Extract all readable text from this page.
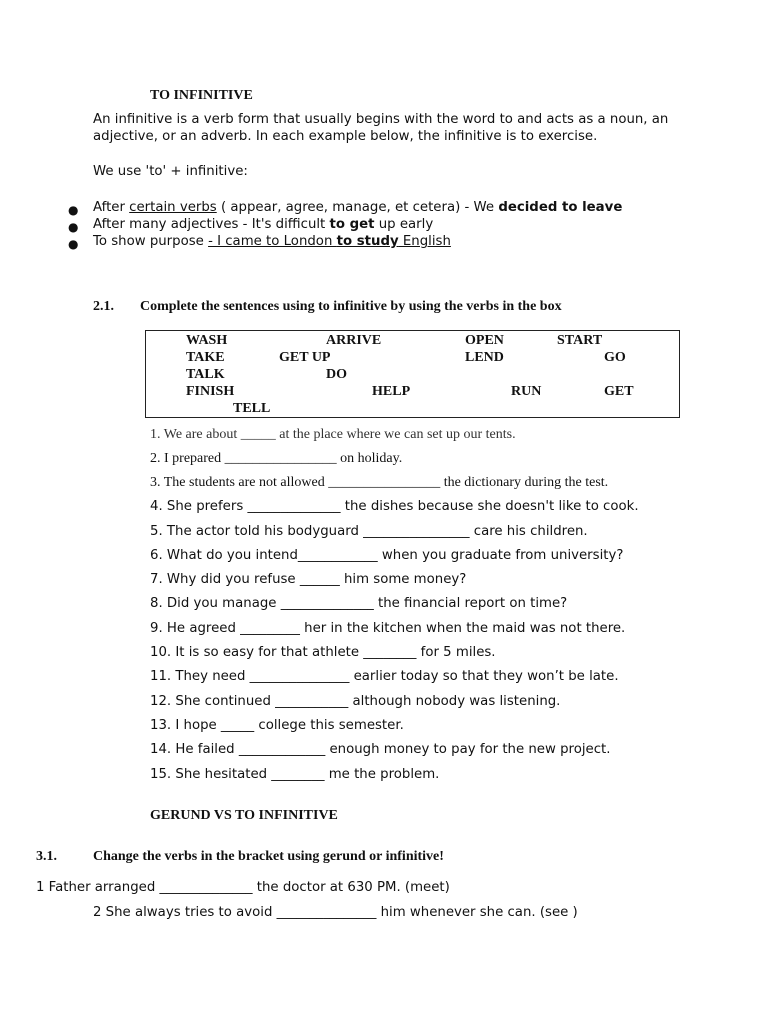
TO INFINITIVE
An infinitive is a verb form that usually begins with the word to and acts as a noun, an
adjective, or an adverb. In each example below, the infinitive is to exercise.
We use 'to' + infinitive:
● After certain verbs ( appear, agree, manage, et cetera) - We decided to leave
● After many adjectives - It's difficult to get up early
● To show purpose - I came to London to study English
2.1. Complete the sentences using to infinitive by using the verbs in the box
WASH	ARRIVE	OPEN	START
TAKE	GET UP	LEND	GO
TALK	DO
FINISH	HELP	RUN	GET
TELL
1. We are about _____ at the place where we can set up our tents.
2. I prepared ________________ on holiday.
3. The students are not allowed ________________ the dictionary during the test.
4. She prefers ______________ the dishes because she doesn't like to cook.
5. The actor told his bodyguard ________________ care his children.
6. What do you intend____________ when you graduate from university?
7. Why did you refuse ______ him some money?
8. Did you manage ______________ the financial report on time?
9. He agreed _________ her in the kitchen when the maid was not there.
10. It is so easy for that athlete ________ for 5 miles.
11. They need _______________ earlier today so that they won’t be late.
12. She continued ___________ although nobody was listening.
13. I hope _____ college this semester.
14. He failed _____________ enough money to pay for the new project.
15. She hesitated ________ me the problem.
GERUND VS TO INFINITIVE
3.1.	Change the verbs in the bracket using gerund or infinitive!
1 Father arranged ______________ the doctor at 630 PM. (meet)
2 She always tries to avoid _______________ him whenever she can. (see )
